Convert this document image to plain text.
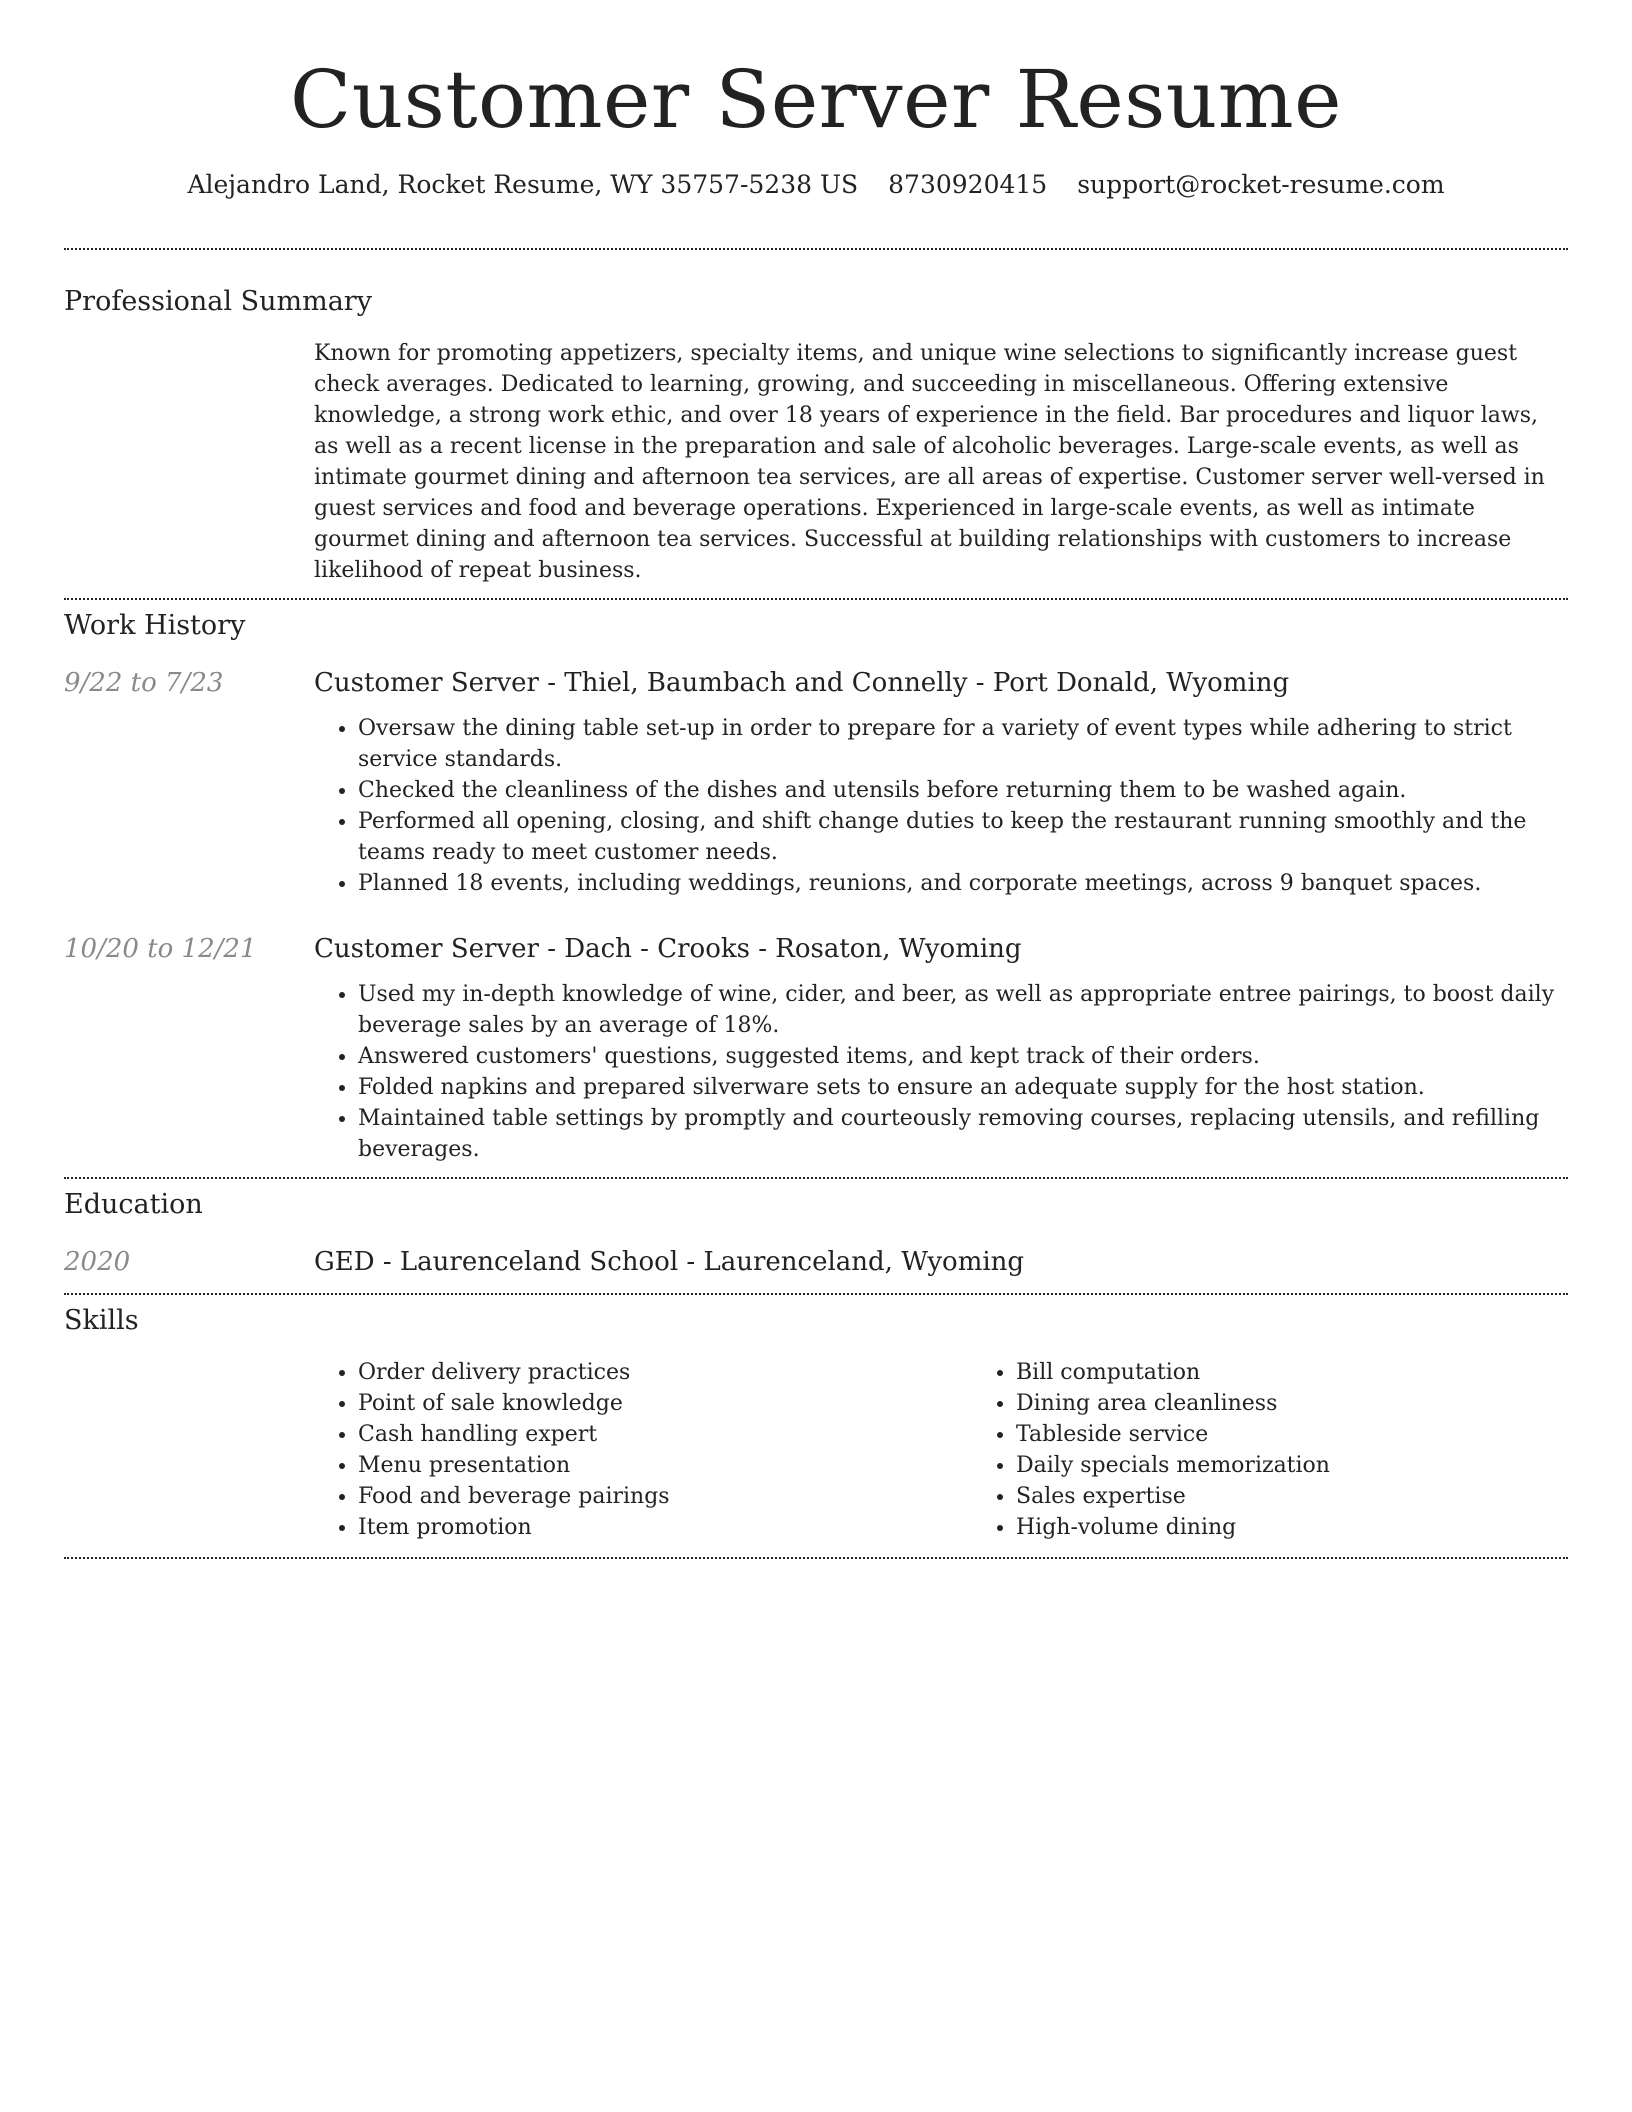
Customer Server Resume
Alejandro Land, Rocket Resume, WY 35757-5238 US 8730920415 support@rocket-resume.com
Professional Summary

Known for promoting appetizers, specialty items, and unique wine selections to significantly increase guest check averages. Dedicated to learning, growing, and succeeding in miscellaneous. Offering extensive knowledge, a strong work ethic, and over 18 years of experience in the field. Bar procedures and liquor laws, as well as a recent license in the preparation and sale of alcoholic beverages. Large-scale events, as well as intimate gourmet dining and afternoon tea services, are all areas of expertise. Customer server well-versed in guest services and food and beverage operations. Experienced in large-scale events, as well as intimate gourmet dining and afternoon tea services. Successful at building relationships with customers to increase likelihood of repeat business.

Work History
9/22 to 7/23	Customer Server - Thiel, Baumbach and Connelly - Port Donald, Wyoming

• Oversaw the dining table set-up in order to prepare for a variety of event types while adhering to strict service standards.
• Checked the cleanliness of the dishes and utensils before returning them to be washed again.
• Performed all opening, closing, and shift change duties to keep the restaurant running smoothly and the teams ready to meet customer needs.
• Planned 18 events, including weddings, reunions, and corporate meetings, across 9 banquet spaces.
10/20 to 12/21	Customer Server - Dach - Crooks - Rosaton, Wyoming

• Used my in-depth knowledge of wine, cider, and beer, as well as appropriate entree pairings, to boost daily beverage sales by an average of 18%.
• Answered customers' questions, suggested items, and kept track of their orders.
• Folded napkins and prepared silverware sets to ensure an adequate supply for the host station.
• Maintained table settings by promptly and courteously removing courses, replacing utensils, and refilling beverages.
Education
2020	GED - Laurenceland School - Laurenceland, Wyoming

Skills
• Order delivery practices
• Point of sale knowledge
• Cash handling expert
• Menu presentation
• Food and beverage pairings
• Item promotion
• Bill computation
• Dining area cleanliness
• Tableside service
• Daily specials memorization
• Sales expertise
• High-volume dining
